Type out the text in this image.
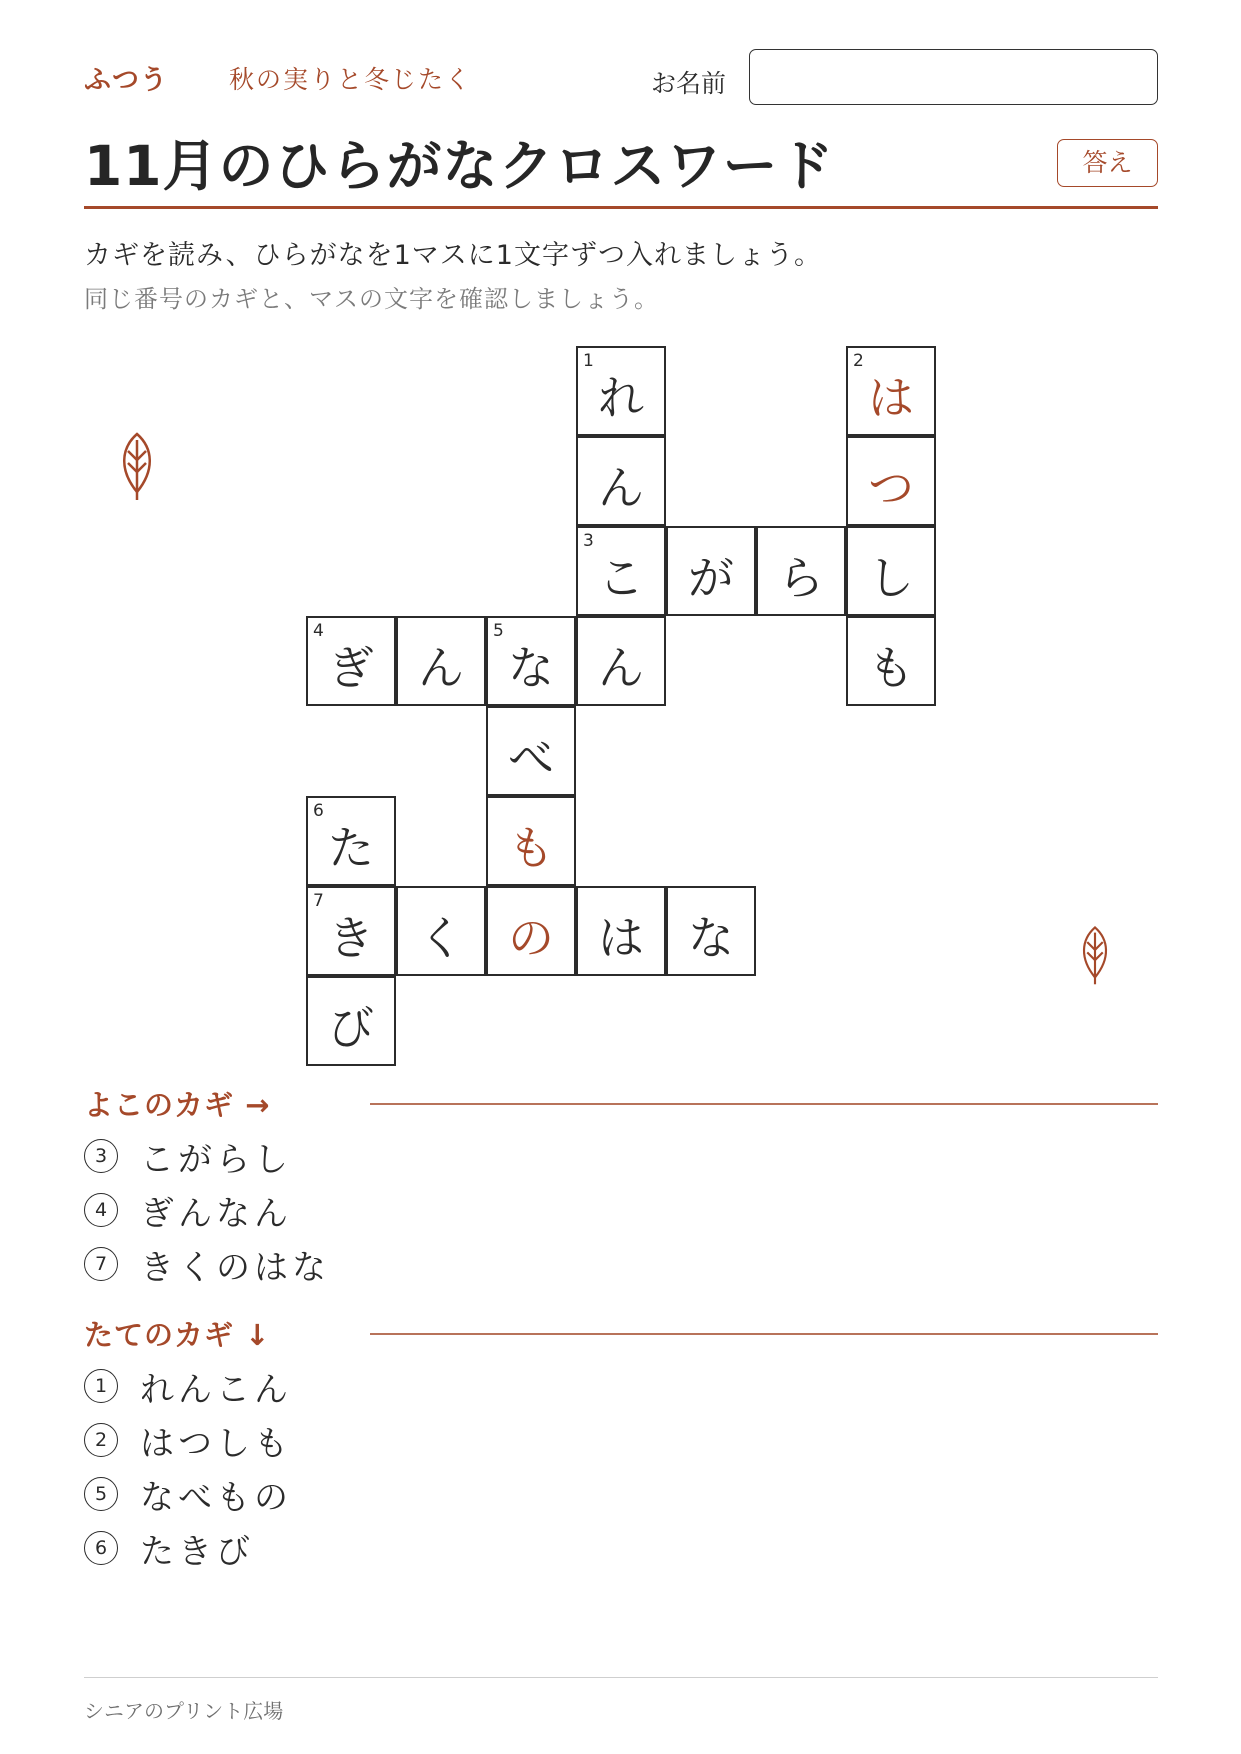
ふつう 秋の実りと冬じたく	お名前
11月のひらがなクロスワード	答え
カギを読み、ひらがなを1マスに1文字ずつ入れましょう。
同じ番号のカギと、マスの文字を確認しましょう。
1
れ
2
は
ん	つ
3
こ が ら し
4
ぎ ん
5
な ん	も
べ
6
た	も
7
き く の は な
び
よこのカギ →
3 こがらし
4 ぎんなん
7 きくのはな
たてのカギ ↓
1 れんこん
2 はつしも
5 なべもの
6 たきび
シニアのプリント広場
